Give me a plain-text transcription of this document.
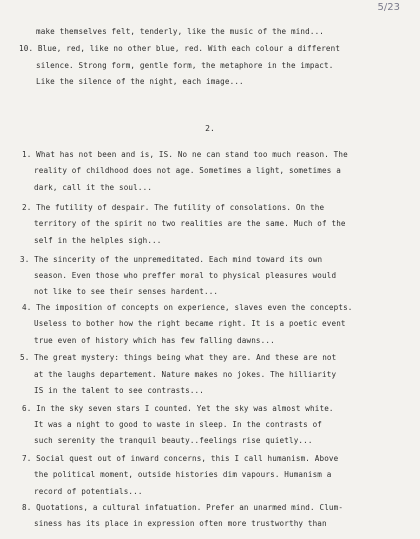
5/23
make themselves felt, tenderly, like the music of the mind...
10. Blue, red, like no other blue, red. With each colour a different
silence. Strong form, gentle form, the metaphore in the impact.
Like the silence of the night, each image...
2.
1. What has not been and is, IS. No ne can stand too much reason. The
reality of childhood does not age. Sometimes a light, sometimes a
dark, call it the soul...
2. The futility of despair. The futility of consolations. On the
territory of the spirit no two realities are the same. Much of the
self in the helples sigh...
3. The sincerity of the unpremeditated. Each mind toward its own
season. Even those who preffer moral to physical pleasures would
not like to see their senses hardent...
4. The imposition of concepts on experience, slaves even the concepts.
Useless to bother how the right became right. It is a poetic event
true even of history which has few falling dawns...
5. The great mystery: things being what they are. And these are not
at the laughs departement. Nature makes no jokes. The hilliarity
IS in the talent to see contrasts...
6. In the sky seven stars I counted. Yet the sky was almost white.
It was a night to good to waste in sleep. In the contrasts of
such serenity the tranquil beauty..feelings rise quietly...
7. Social quest out of inward concerns, this I call humanism. Above
the political moment, outside histories dim vapours. Humanism a
record of potentials...
8. Quotations, a cultural infatuation. Prefer an unarmed mind. Clum-
siness has its place in expression often more trustworthy than
